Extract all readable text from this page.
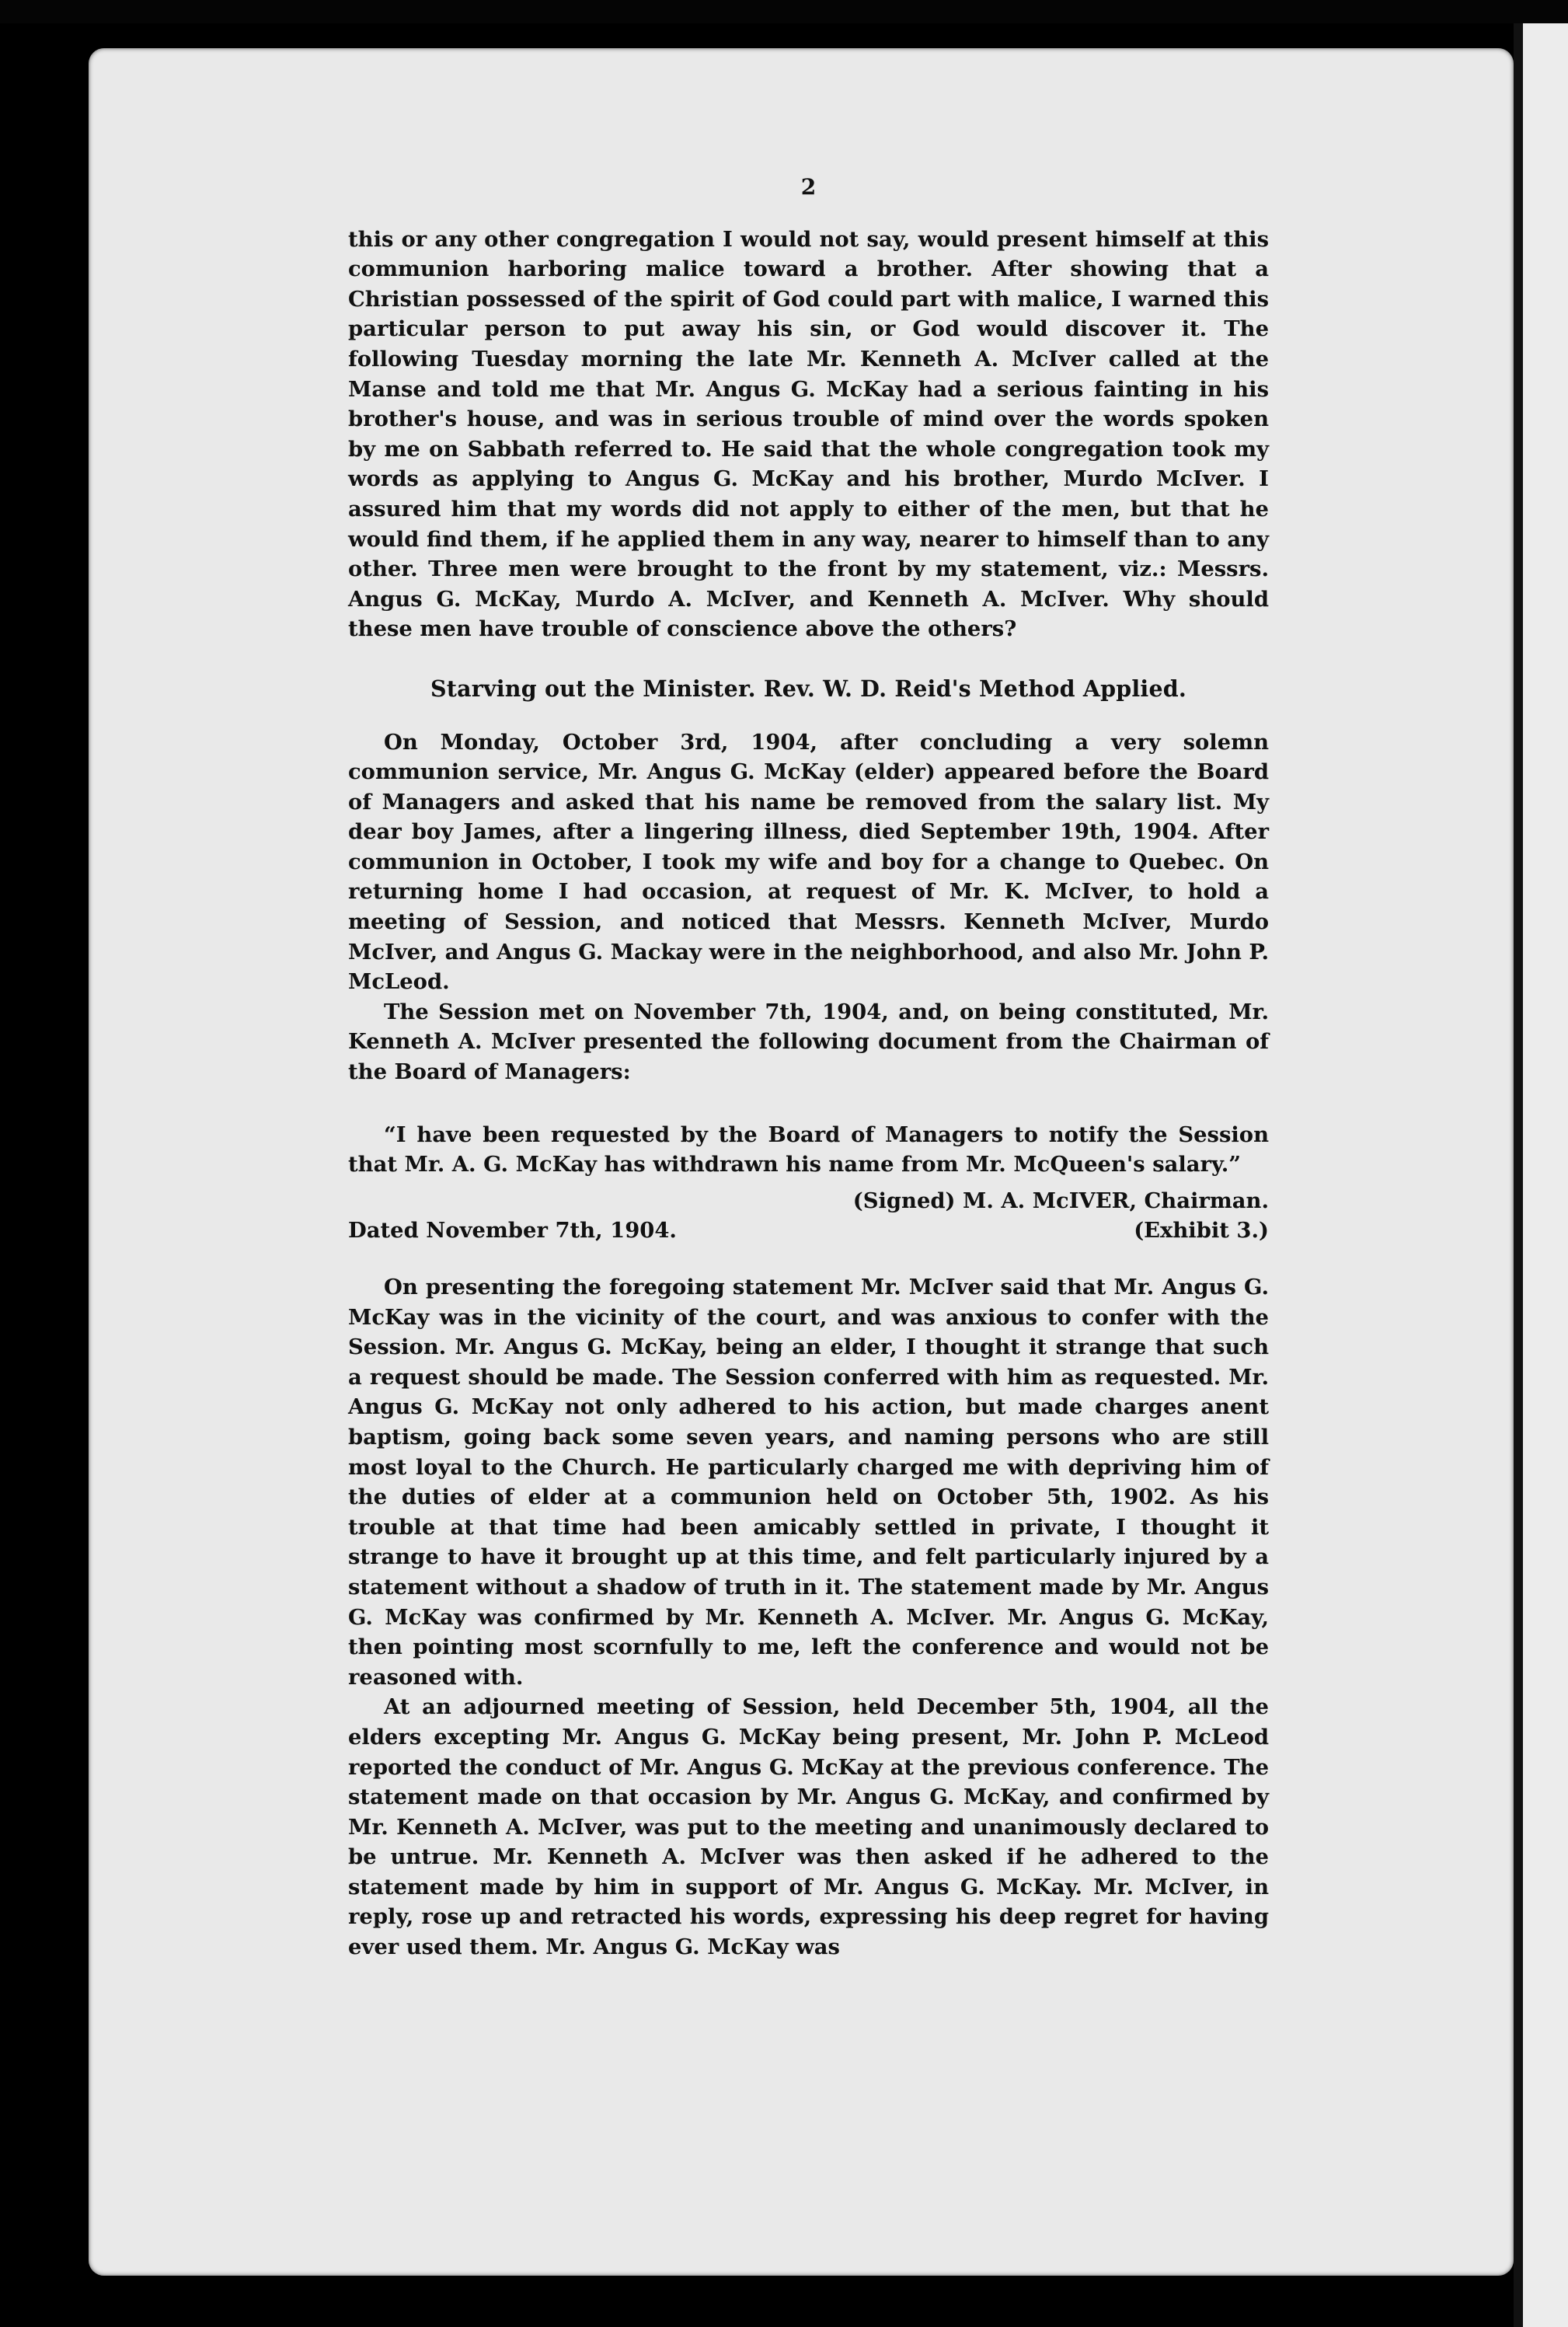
2

this or any other congregation I would not say, would present himself at this communion harboring malice toward a brother. After showing that a Christian possessed of the spirit of God could part with malice, I warned this particular person to put away his sin, or God would discover it. The following Tuesday morning the late Mr. Kenneth A. McIver called at the Manse and told me that Mr. Angus G. McKay had a serious fainting in his brother's house, and was in serious trouble of mind over the words spoken by me on Sabbath referred to. He said that the whole congregation took my words as applying to Angus G. McKay and his brother, Murdo McIver. I assured him that my words did not apply to either of the men, but that he would find them, if he applied them in any way, nearer to himself than to any other. Three men were brought to the front by my statement, viz.: Messrs. Angus G. McKay, Murdo A. McIver, and Kenneth A. McIver. Why should these men have trouble of conscience above the others?

Starving out the Minister. Rev. W. D. Reid's Method Applied.

On Monday, October 3rd, 1904, after concluding a very solemn communion service, Mr. Angus G. McKay (elder) appeared before the Board of Managers and asked that his name be removed from the salary list. My dear boy James, after a lingering illness, died September 19th, 1904. After communion in October, I took my wife and boy for a change to Quebec. On returning home I had occasion, at request of Mr. K. McIver, to hold a meeting of Session, and noticed that Messrs. Kenneth McIver, Murdo McIver, and Angus G. Mackay were in the neighborhood, and also Mr. John P. McLeod.

The Session met on November 7th, 1904, and, on being constituted, Mr. Kenneth A. McIver presented the following document from the Chairman of the Board of Managers:

“I have been requested by the Board of Managers to notify the Session that Mr. A. G. McKay has withdrawn his name from Mr. McQueen's salary.”

(Signed) M. A. McIVER, Chairman.
Dated November 7th, 1904.	(Exhibit 3.)

On presenting the foregoing statement Mr. McIver said that Mr. Angus G. McKay was in the vicinity of the court, and was anxious to confer with the Session. Mr. Angus G. McKay, being an elder, I thought it strange that such a request should be made. The Session conferred with him as requested. Mr. Angus G. McKay not only adhered to his action, but made charges anent baptism, going back some seven years, and naming persons who are still most loyal to the Church. He particularly charged me with depriving him of the duties of elder at a communion held on October 5th, 1902. As his trouble at that time had been amicably settled in private, I thought it strange to have it brought up at this time, and felt particularly injured by a statement without a shadow of truth in it. The statement made by Mr. Angus G. McKay was confirmed by Mr. Kenneth A. McIver. Mr. Angus G. McKay, then pointing most scornfully to me, left the conference and would not be reasoned with.

At an adjourned meeting of Session, held December 5th, 1904, all the elders excepting Mr. Angus G. McKay being present, Mr. John P. McLeod reported the conduct of Mr. Angus G. McKay at the previous conference. The statement made on that occasion by Mr. Angus G. McKay, and confirmed by Mr. Kenneth A. McIver, was put to the meeting and unanimously declared to be untrue. Mr. Kenneth A. McIver was then asked if he adhered to the statement made by him in support of Mr. Angus G. McKay. Mr. McIver, in reply, rose up and retracted his words, expressing his deep regret for having ever used them. Mr. Angus G. McKay was
